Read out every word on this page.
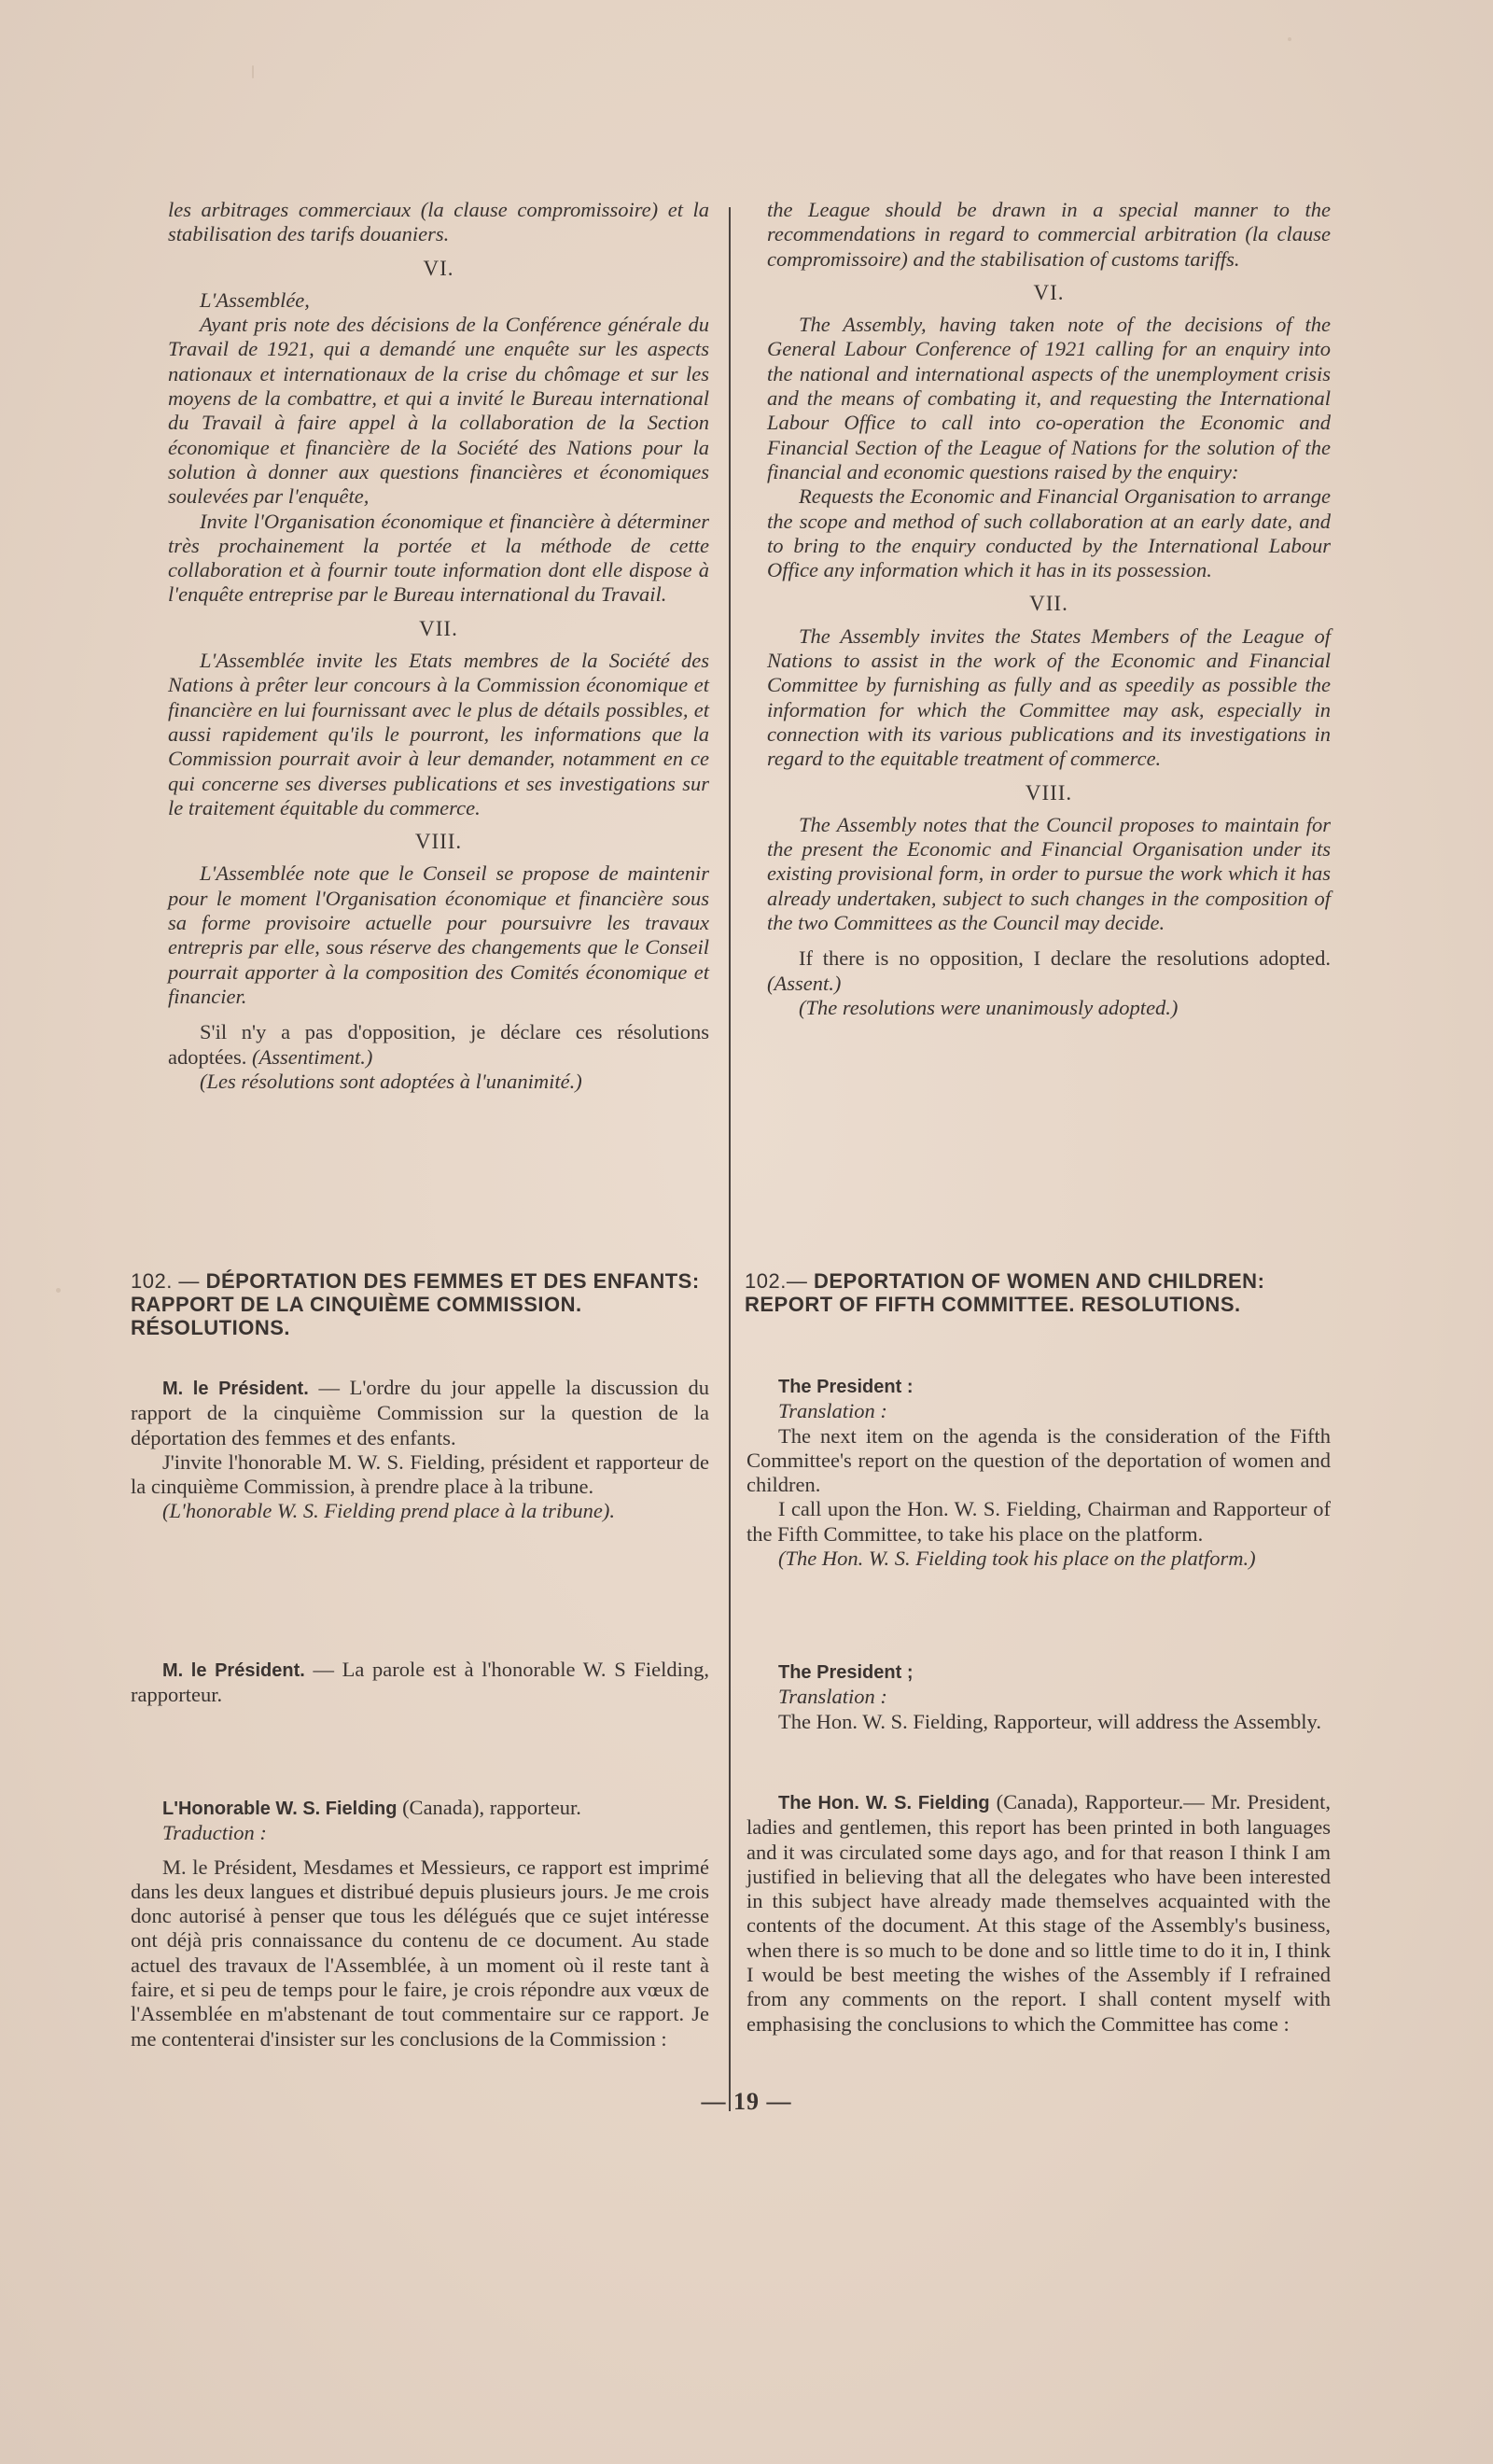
les arbitrages commerciaux (la clause compromissoire) et la stabilisation des tarifs douaniers.

VI.

L'Assemblée,

Ayant pris note des décisions de la Conférence générale du Travail de 1921, qui a demandé une enquête sur les aspects nationaux et internationaux de la crise du chômage et sur les moyens de la combattre, et qui a invité le Bureau international du Travail à faire appel à la collaboration de la Section économique et financière de la Société des Nations pour la solution à donner aux questions financières et économiques soulevées par l'enquête,

Invite l'Organisation économique et financière à déterminer très prochainement la portée et la méthode de cette collaboration et à fournir toute information dont elle dispose à l'enquête entreprise par le Bureau international du Travail.

VII.

L'Assemblée invite les Etats membres de la Société des Nations à prêter leur concours à la Commission économique et financière en lui fournissant avec le plus de détails possibles, et aussi rapidement qu'ils le pourront, les informations que la Commission pourrait avoir à leur demander, notamment en ce qui concerne ses diverses publications et ses investigations sur le traitement équitable du commerce.

VIII.

L'Assemblée note que le Conseil se propose de maintenir pour le moment l'Organisation économique et financière sous sa forme provisoire actuelle pour poursuivre les travaux entrepris par elle, sous réserve des changements que le Conseil pourrait apporter à la composition des Comités économique et financier.

S'il n'y a pas d'opposition, je déclare ces résolutions adoptées. (Assentiment.)

(Les résolutions sont adoptées à l'unanimité.)

102. — DÉPORTATION DES FEMMES ET DES ENFANTS: RAPPORT DE LA CINQUIÈME COMMISSION. RÉSOLUTIONS.

M. le Président. — L'ordre du jour appelle la discussion du rapport de la cinquième Commission sur la question de la déportation des femmes et des enfants.

J'invite l'honorable M. W. S. Fielding, président et rapporteur de la cinquième Commission, à prendre place à la tribune.

(L'honorable W. S. Fielding prend place à la tribune).

M. le Président. — La parole est à l'honorable W. S Fielding, rapporteur.

L'Honorable W. S. Fielding (Canada), rapporteur.

Traduction :

M. le Président, Mesdames et Messieurs, ce rapport est imprimé dans les deux langues et distribué depuis plusieurs jours. Je me crois donc autorisé à penser que tous les délégués que ce sujet intéresse ont déjà pris connaissance du contenu de ce document. Au stade actuel des travaux de l'Assemblée, à un moment où il reste tant à faire, et si peu de temps pour le faire, je crois répondre aux vœux de l'Assemblée en m'abstenant de tout commentaire sur ce rapport. Je me contenterai d'insister sur les conclusions de la Commission :

the League should be drawn in a special manner to the recommendations in regard to commercial arbitration (la clause compromissoire) and the stabilisation of customs tariffs.

VI.

The Assembly, having taken note of the decisions of the General Labour Conference of 1921 calling for an enquiry into the national and international aspects of the unemployment crisis and the means of combating it, and requesting the International Labour Office to call into co-operation the Economic and Financial Section of the League of Nations for the solution of the financial and economic questions raised by the enquiry:

Requests the Economic and Financial Organisation to arrange the scope and method of such collaboration at an early date, and to bring to the enquiry conducted by the International Labour Office any information which it has in its possession.

VII.

The Assembly invites the States Members of the League of Nations to assist in the work of the Economic and Financial Committee by furnishing as fully and as speedily as possible the information for which the Committee may ask, especially in connection with its various publications and its investigations in regard to the equitable treatment of commerce.

VIII.

The Assembly notes that the Council proposes to maintain for the present the Economic and Financial Organisation under its existing provisional form, in order to pursue the work which it has already undertaken, subject to such changes in the composition of the two Committees as the Council may decide.

If there is no opposition, I declare the resolutions adopted. (Assent.)

(The resolutions were unanimously adopted.)

102.— DEPORTATION OF WOMEN AND CHILDREN: REPORT OF FIFTH COMMITTEE. RESOLUTIONS.

The President :

Translation :

The next item on the agenda is the consideration of the Fifth Committee's report on the question of the deportation of women and children.

I call upon the Hon. W. S. Fielding, Chairman and Rapporteur of the Fifth Committee, to take his place on the platform.

(The Hon. W. S. Fielding took his place on the platform.)

The President ;

Translation :

The Hon. W. S. Fielding, Rapporteur, will address the Assembly.

The Hon. W. S. Fielding (Canada), Rapporteur.— Mr. President, ladies and gentlemen, this report has been printed in both languages and it was circulated some days ago, and for that reason I think I am justified in believing that all the delegates who have been interested in this subject have already made themselves acquainted with the contents of the document. At this stage of the Assembly's business, when there is so much to be done and so little time to do it in, I think I would be best meeting the wishes of the Assembly if I refrained from any comments on the report. I shall content myself with emphasising the conclusions to which the Committee has come :

— 19 —
